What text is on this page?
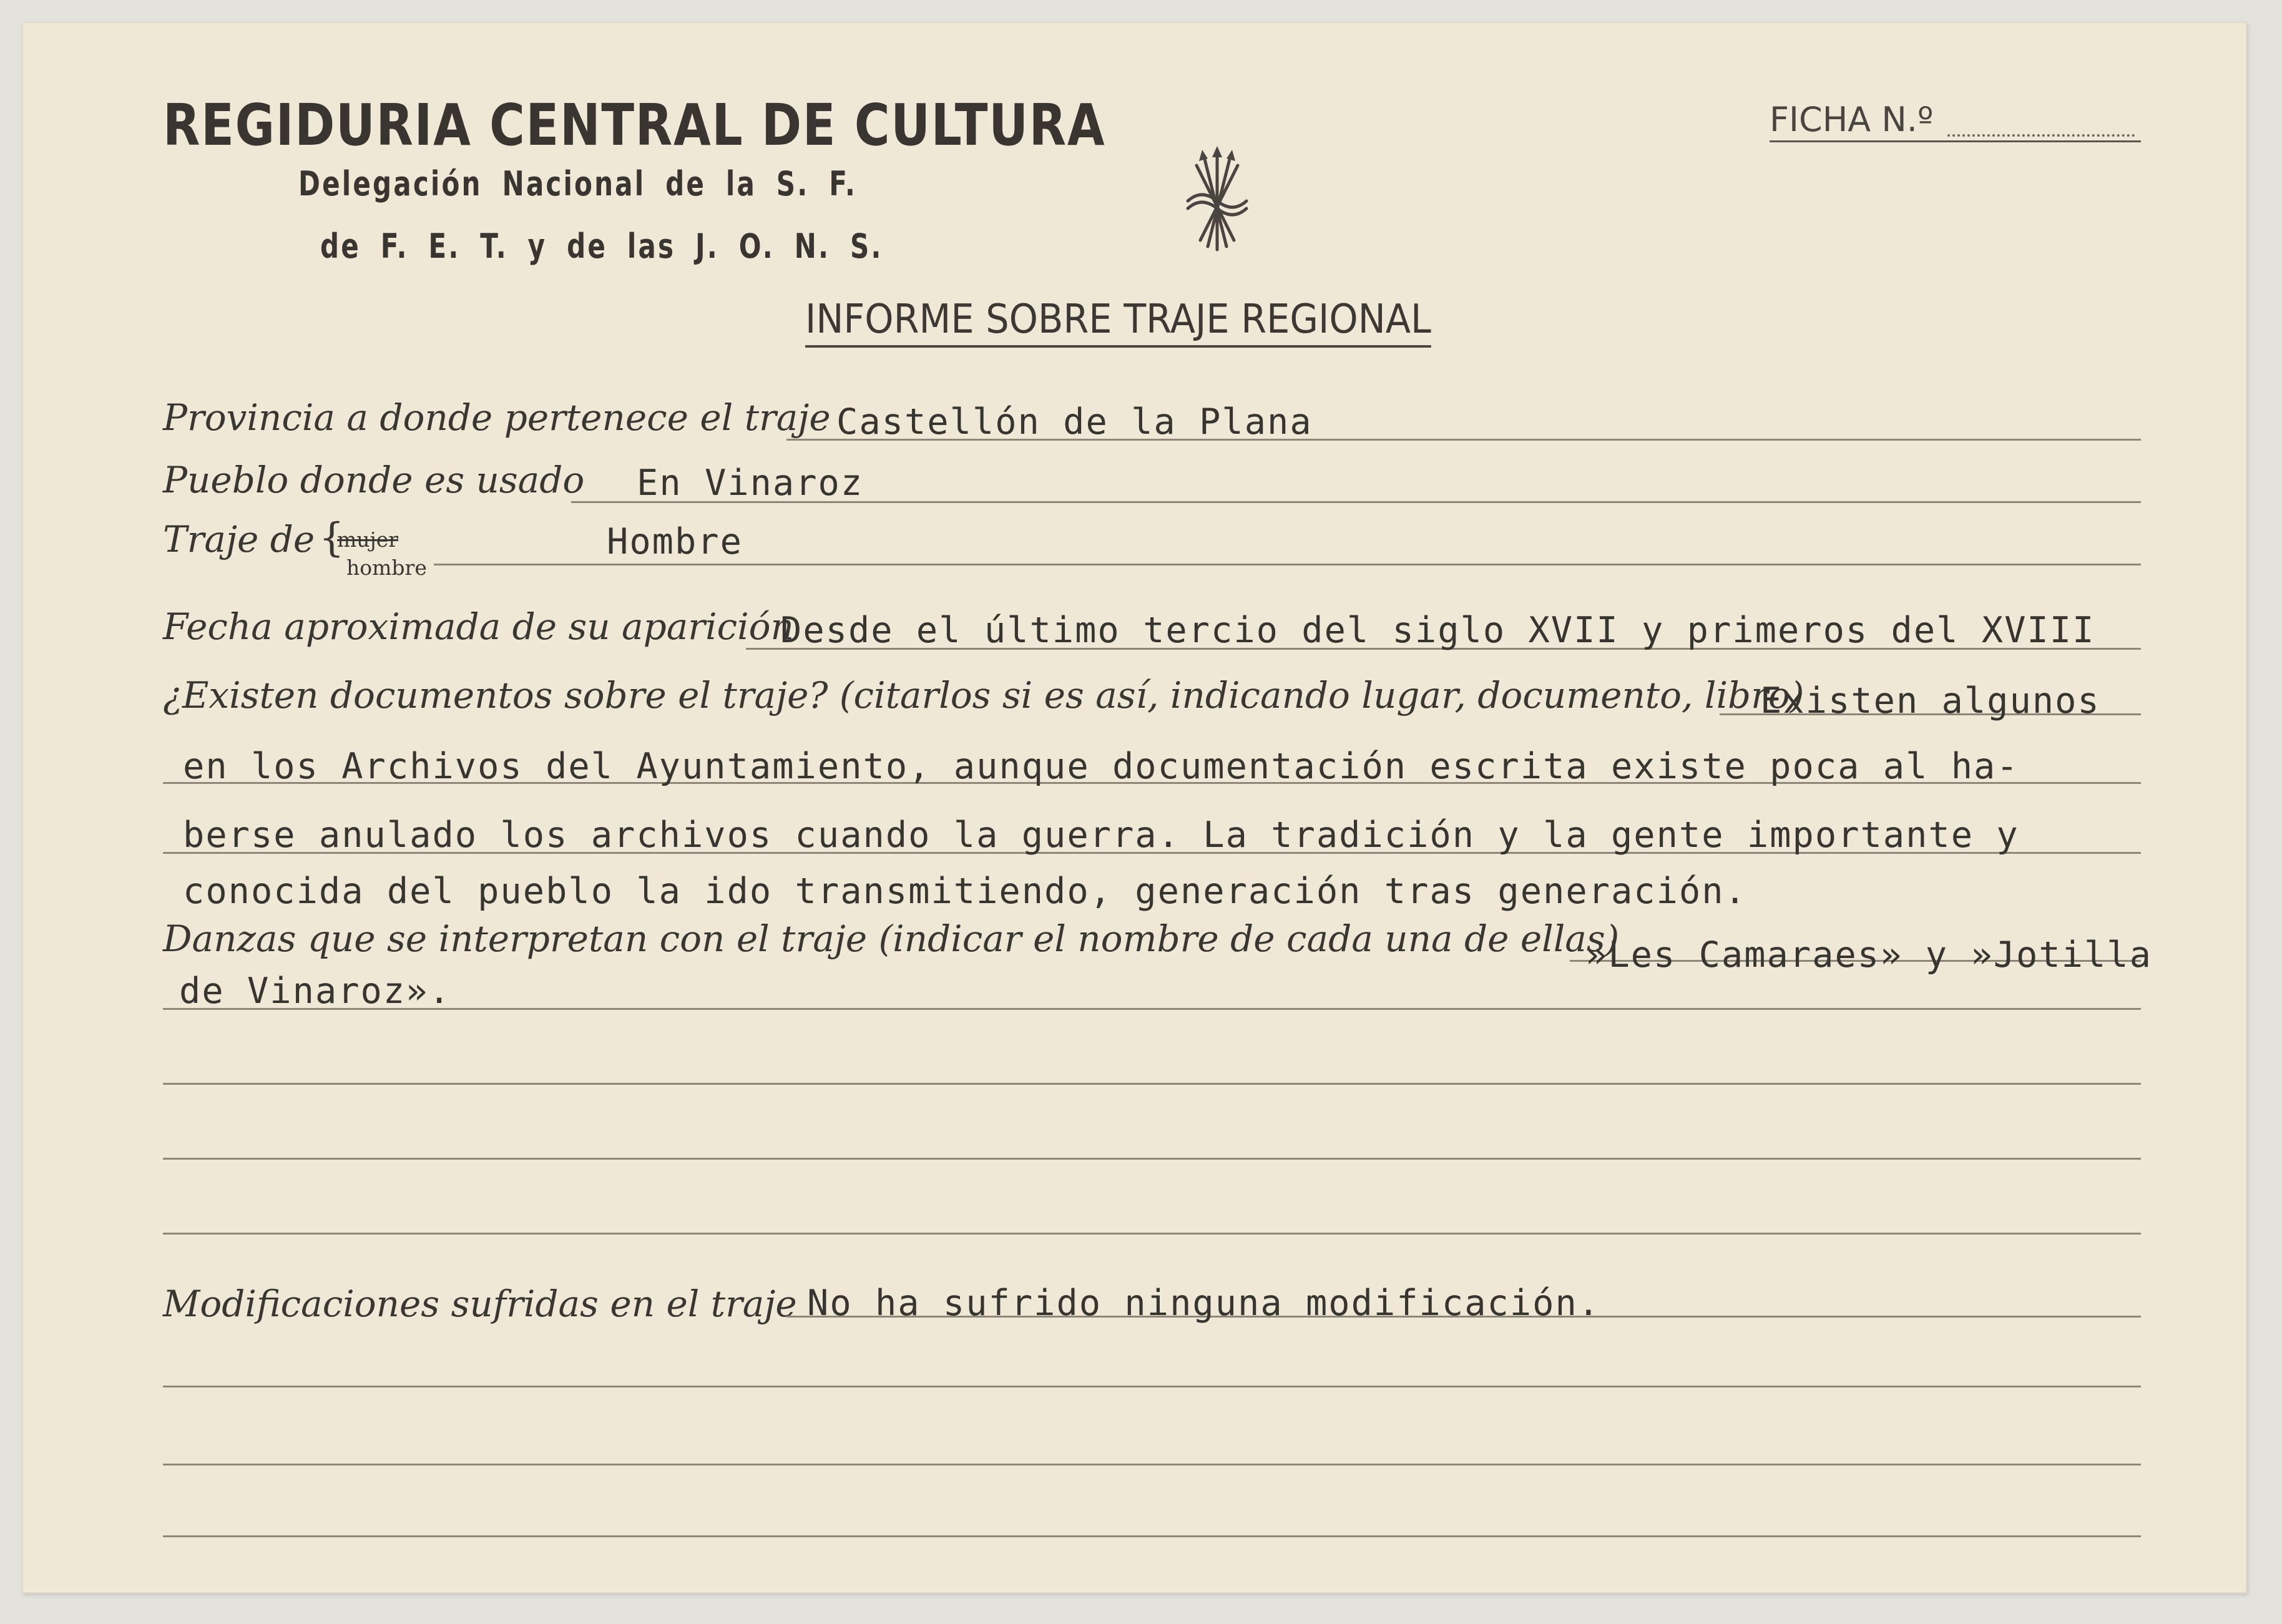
REGIDURIA CENTRAL DE CULTURA
Delegación Nacional de la S. F.
de F. E. T. y de las J. O. N. S.
FICHA N.º
INFORME SOBRE TRAJE REGIONAL
Provincia a donde pertenece el traje Castellón de la Plana
Pueblo donde es usado En Vinaroz
Traje de {
mujer
hombre
Hombre
Fecha aproximada de su aparición
Desde el último tercio del siglo XVII y primeros del XVIII
¿Existen documentos sobre el traje? (citarlos si es así, indicando lugar, documento, libro)
Existen algunos
en los Archivos del Ayuntamiento, aunque documentación escrita existe poca al ha-
berse anulado los archivos cuando la guerra. La tradición y la gente importante y
conocida del pueblo la ido transmitiendo, generación tras generación.
Danzas que se interpretan con el traje (indicar el nombre de cada una de ellas)
»Les Camaraes» y »Jotilla
de Vinaroz».
Modificaciones sufridas en el traje No ha sufrido ninguna modificación.
